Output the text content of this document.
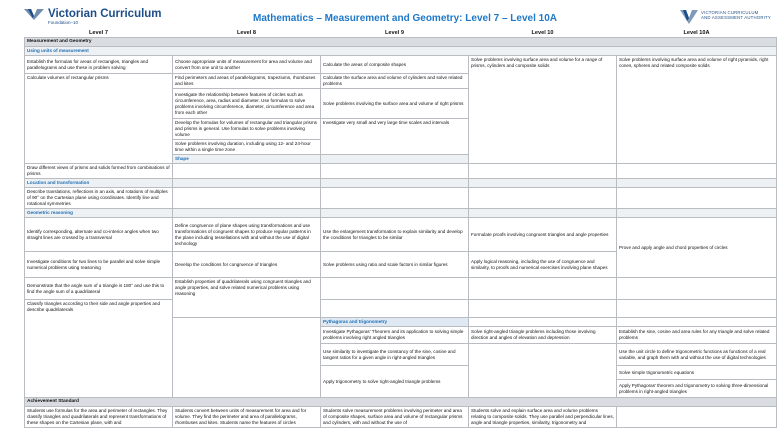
Victorian Curriculum
Foundation–10	Mathematics – Measurement and Geometry: Level 7 – Level 10A
VICTORIAN CURRICULUM
AND ASSESSMENT AUTHORITY
Level 7	Level 8	Level 9	Level 10	Level 10A	
Measurement and Geometry					
Using units of measurement					
Establish the formulas for areas of rectangles, triangles and parallelograms and use these in problem solving	Choose appropriate units of measurement for area and volume and convert from one unit to another	Calculate the areas of composite shapes	Solve problems involving surface area and volume for a range of prisms, cylinders and composite solids	Solve problems involving surface area and volume of right pyramids, right cones, spheres and related composite solids	
Calculate volumes of rectangular prisms	Find perimeters and areas of parallelograms, trapeziums, rhombuses and kites	Calculate the surface area and volume of cylinders and solve related problems			
	Investigate the relationship between features of circles such as circumference, area, radius and diameter. Use formulas to solve problems involving circumference, diameter, circumference and area from each other	Solve problems involving the surface area and volume of right prisms			
	Develop the formulas for volumes of rectangular and triangular prisms and prisms in general. Use formulas to solve problems involving volume	Investigate very small and very large time scales and intervals			
	Solve problems involving duration, including using 12- and 24-hour time within a single time zone				
	Shape				
Draw different views of prisms and solids formed from combinations of prisms					
Location and transformation					
Describe translations, reflections in an axis, and rotations of multiples of 90° on the Cartesian plane using coordinates. Identify line and rotational symmetries					
Geometric reasoning					
Identify corresponding, alternate and co-interior angles when two straight lines are crossed by a transversal	Define congruence of plane shapes using transformations and use transformations of congruent shapes to produce regular patterns in the plane including tessellations with and without the use of digital technology	Use the enlargement transformation to explain similarity and develop the conditions for triangles to be similar	Formulate proofs involving congruent triangles and angle properties	Prove and apply angle and chord properties of circles	
Investigate conditions for two lines to be parallel and solve simple numerical problems using reasoning	Develop the conditions for congruence of triangles	Solve problems using ratio and scale factors in similar figures	Apply logical reasoning, including the use of congruence and similarity, to proofs and numerical exercises involving plane shapes		
Demonstrate that the angle sum of a triangle is 180° and use this to find the angle sum of a quadrilateral	Establish properties of quadrilaterals using congruent triangles and angle properties, and solve related numerical problems using reasoning				
Classify triangles according to their side and angle properties and describe quadrilaterals					
		Pythagoras and trigonometry			
		Investigate Pythagoras' Theorem and its application to solving simple problems involving right angled triangles	Solve right-angled triangle problems including those involving direction and angles of elevation and depression	Establish the sine, cosine and area rules for any triangle and solve related problems	
		Use similarity to investigate the constancy of the sine, cosine and tangent ratios for a given angle in right-angled triangles		Use the unit circle to define trigonometric functions as functions of a real variable, and graph them with and without the use of digital technologies	
		Apply trigonometry to solve right-angled triangle problems		Solve simple trigonometric equations	
				Apply Pythagoras' theorem and trigonometry to solving three-dimensional problems in right-angled triangles	
Achievement Standard					
Students use formulas for the area and perimeter of rectangles. They classify triangles and quadrilaterals and represent transformations of these shapes on the Cartesian plane, with and	Students convert between units of measurement for area and for volume. They find the perimeter and area of parallelograms, rhombuses and kites. Students name the features of circles	Students solve measurement problems involving perimeter and area of composite shapes, surface area and volume of rectangular prisms and cylinders, with and without the use of	Students solve and explain surface area and volume problems relating to composite solids. They use parallel and perpendicular lines, angle and triangle properties, similarity, trigonometry and		
